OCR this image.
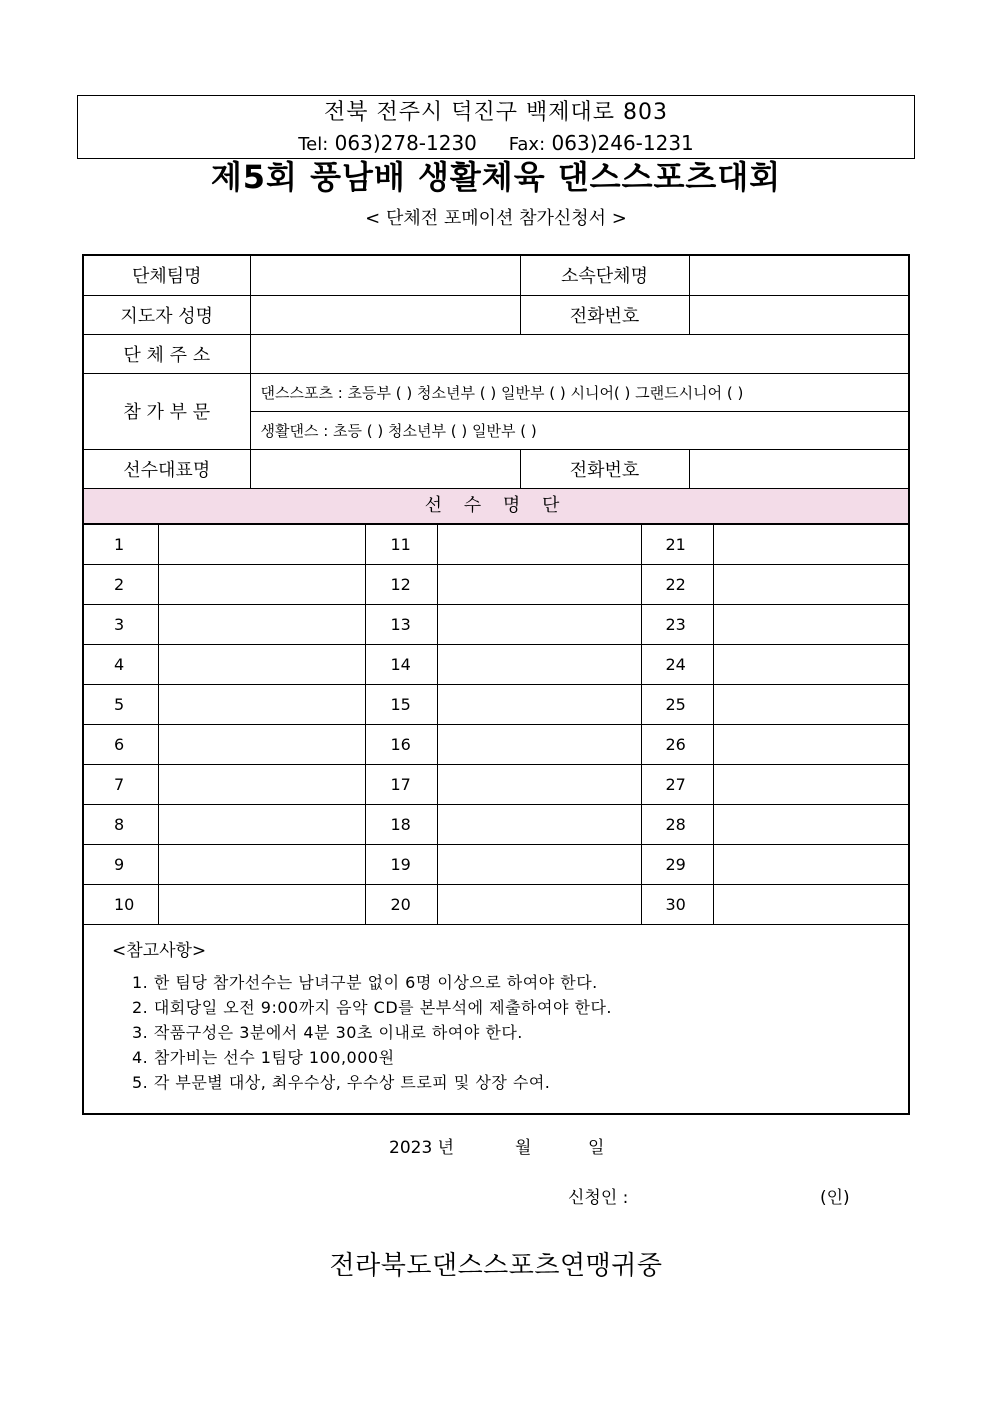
전북 전주시 덕진구 백제대로 803
Tel: 063)278-1230 Fax: 063)246-1231
제5회 풍남배 생활체육 댄스스포츠대회
< 단체전 포메이션 참가신청서 >
단체팀명		소속단체명	
지도자 성명		전화번호	
단 체 주 소			
참 가 부 문	댄스스포츠 : 초등부 ( ) 청소년부 ( ) 일반부 ( ) 시니어( ) 그랜드시니어 ( )		
	생활댄스 : 초등 ( ) 청소년부 ( ) 일반부 ( )		
선수대표명		전화번호	
선 수 명 단
1		11		21	
2		12		22	
3		13		23	
4		14		24	
5		15		25	
6		16		26	
7		17		27	
8		18		28	
9		19		29	
10		20		30	
<참고사항>
1. 한 팀당 참가선수는 남녀구분 없이 6명 이상으로 하여야 한다.
2. 대회당일 오전 9:00까지 음악 CD를 본부석에 제출하여야 한다.
3. 작품구성은 3분에서 4분 30초 이내로 하여야 한다.
4. 참가비는 선수 1팀당 100,000원
5. 각 부문별 대상, 최우수상, 우수상 트로피 및 상장 수여.
2023 년	월	일
신청인 :	(인)
전라북도댄스스포츠연맹귀중
